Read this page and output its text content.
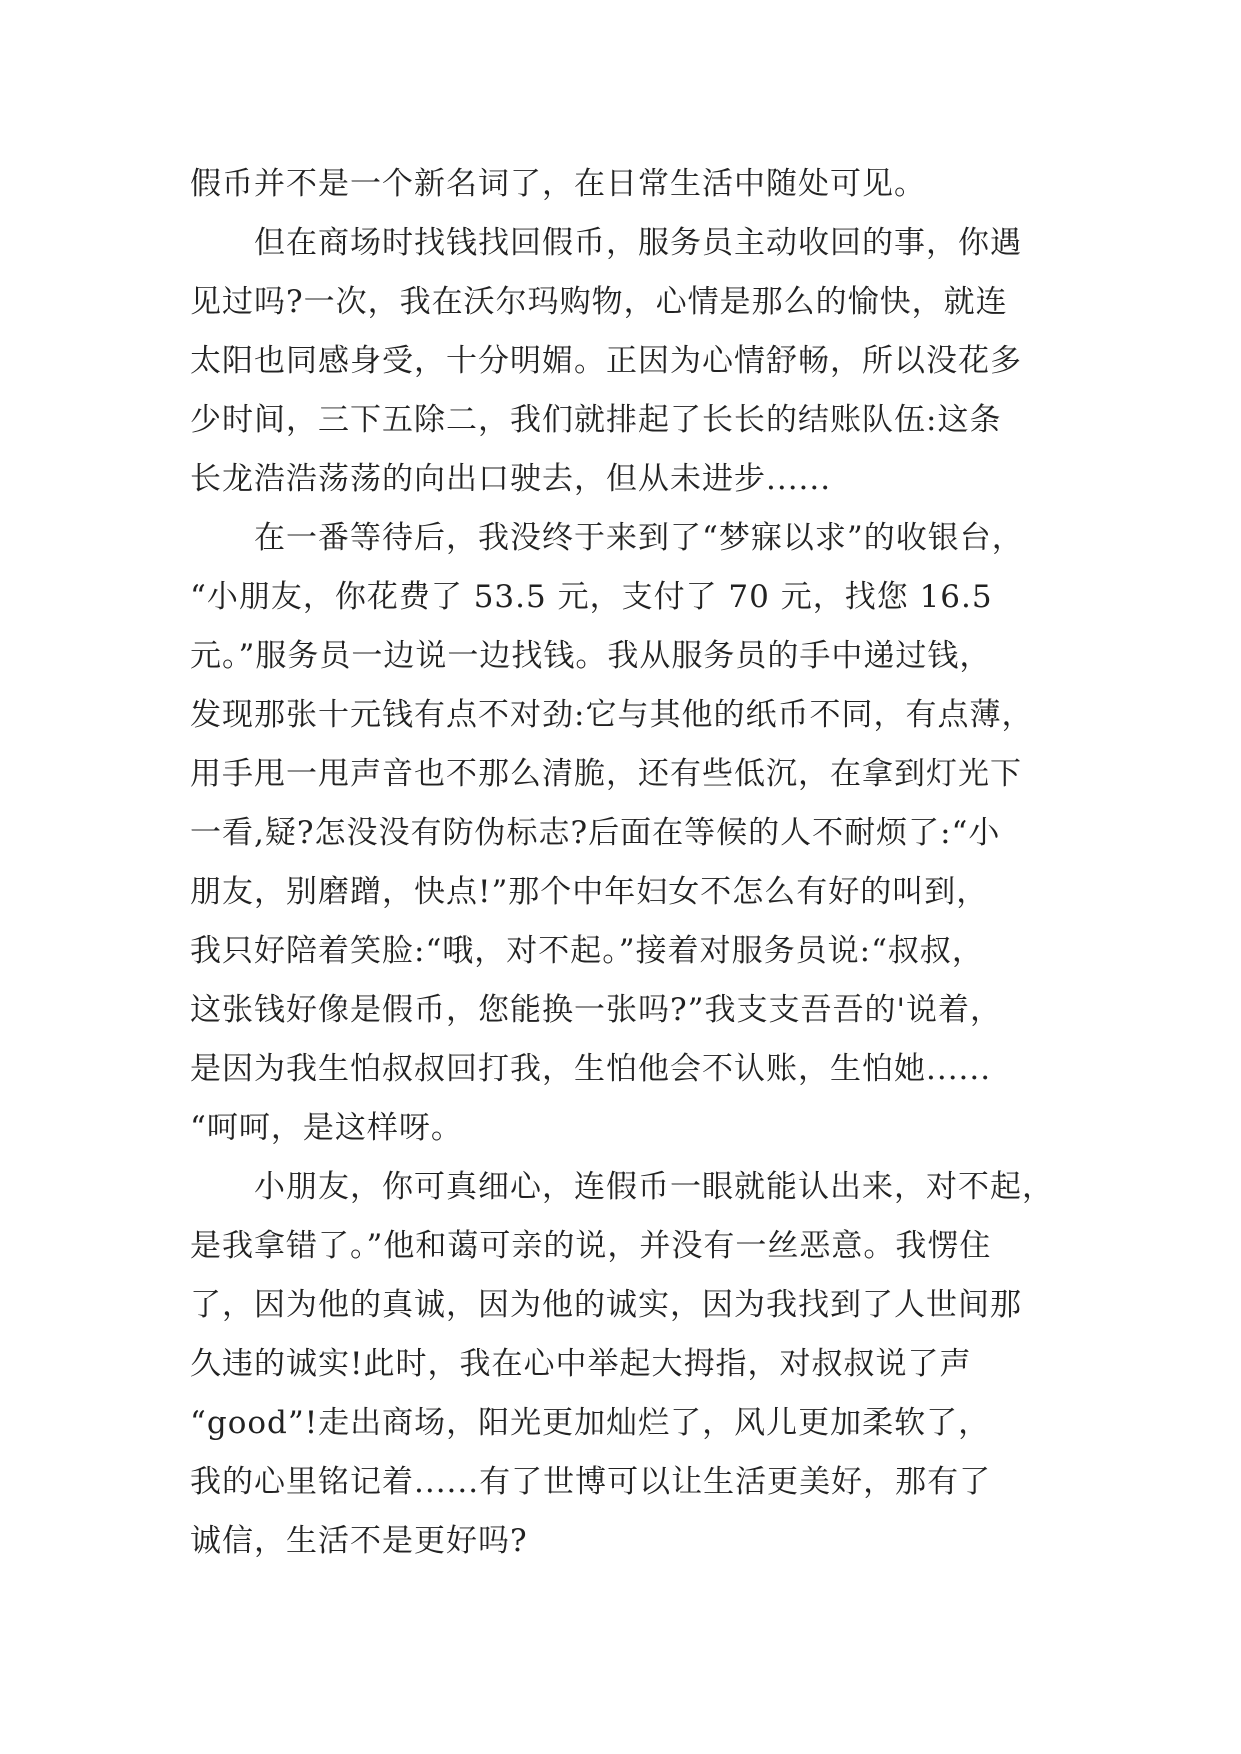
假币并不是一个新名词了，在日常生活中随处可见。
　　但在商场时找钱找回假币，服务员主动收回的事，你遇
见过吗?一次，我在沃尔玛购物，心情是那么的愉快，就连
太阳也同感身受，十分明媚。正因为心情舒畅，所以没花多
少时间，三下五除二，我们就排起了长长的结账队伍:这条
长龙浩浩荡荡的向出口驶去，但从未进步......
　　在一番等待后，我没终于来到了“梦寐以求”的收银台，
“小朋友，你花费了 53.5 元，支付了 70 元，找您 16.5
元。”服务员一边说一边找钱。我从服务员的手中递过钱，
发现那张十元钱有点不对劲:它与其他的纸币不同，有点薄，
用手甩一甩声音也不那么清脆，还有些低沉，在拿到灯光下
一看,疑?怎没没有防伪标志?后面在等候的人不耐烦了:“小
朋友，别磨蹭，快点!”那个中年妇女不怎么有好的叫到，
我只好陪着笑脸:“哦，对不起。”接着对服务员说:“叔叔，
这张钱好像是假币，您能换一张吗?”我支支吾吾的'说着，
是因为我生怕叔叔回打我，生怕他会不认账，生怕她......
“呵呵，是这样呀。
　　小朋友，你可真细心，连假币一眼就能认出来，对不起，
是我拿错了。”他和蔼可亲的说，并没有一丝恶意。我愣住
了，因为他的真诚，因为他的诚实，因为我找到了人世间那
久违的诚实!此时，我在心中举起大拇指，对叔叔说了声
“good”!走出商场，阳光更加灿烂了，风儿更加柔软了，
我的心里铭记着......有了世博可以让生活更美好，那有了
诚信，生活不是更好吗?
